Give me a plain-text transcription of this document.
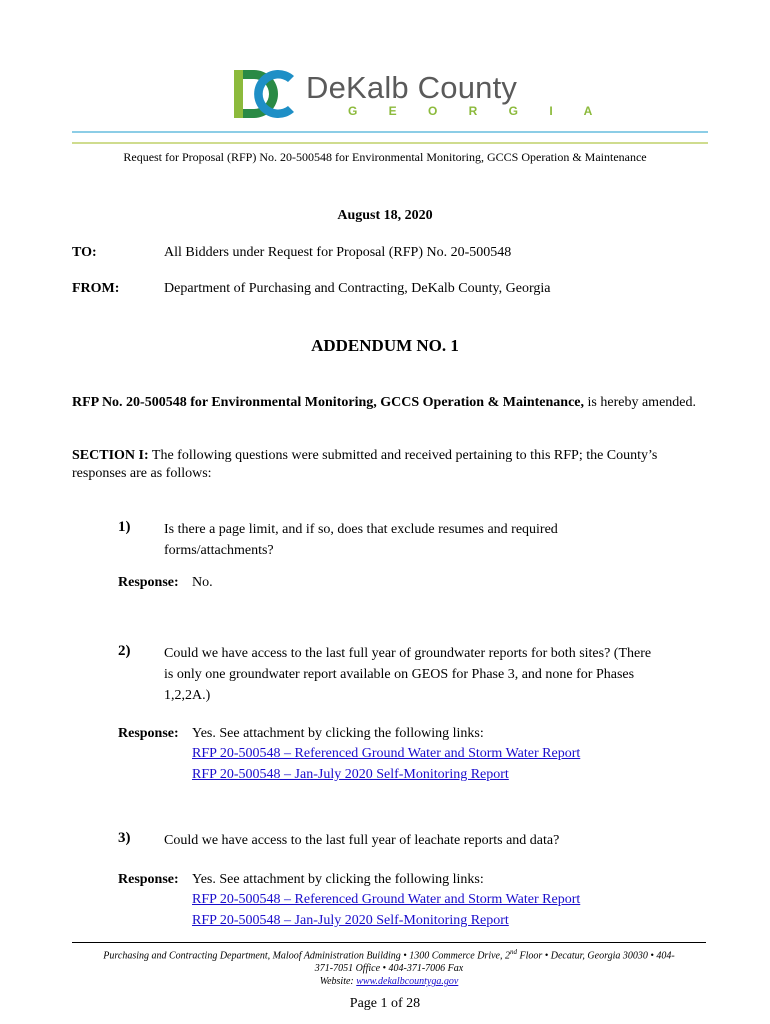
DeKalb County
G E O R G I A
Request for Proposal (RFP) No. 20-500548 for Environmental Monitoring, GCCS Operation & Maintenance
August 18, 2020
TO:	All Bidders under Request for Proposal (RFP) No. 20-500548
FROM:	Department of Purchasing and Contracting, DeKalb County, Georgia
ADDENDUM NO. 1
RFP No. 20-500548 for Environmental Monitoring, GCCS Operation & Maintenance, is hereby amended.
SECTION I: The following questions were submitted and received pertaining to this RFP; the County’s responses are as follows:
1) Is there a page limit, and if so, does that exclude resumes and required
forms/attachments?
Response: No.
2) Could we have access to the last full year of groundwater reports for both sites? (There
is only one groundwater report available on GEOS for Phase 3, and none for Phases
1,2,2A.)
Response: Yes. See attachment by clicking the following links:
RFP 20-500548 – Referenced Ground Water and Storm Water Report
RFP 20-500548 – Jan-July 2020 Self-Monitoring Report
3) Could we have access to the last full year of leachate reports and data?
Response: Yes. See attachment by clicking the following links:
RFP 20-500548 – Referenced Ground Water and Storm Water Report
RFP 20-500548 – Jan-July 2020 Self-Monitoring Report
Purchasing and Contracting Department, Maloof Administration Building • 1300 Commerce Drive, 2nd Floor • Decatur, Georgia 30030 • 404-
371-7051 Office • 404-371-7006 Fax
Website: www.dekalbcountyga.gov
Page 1 of 28
